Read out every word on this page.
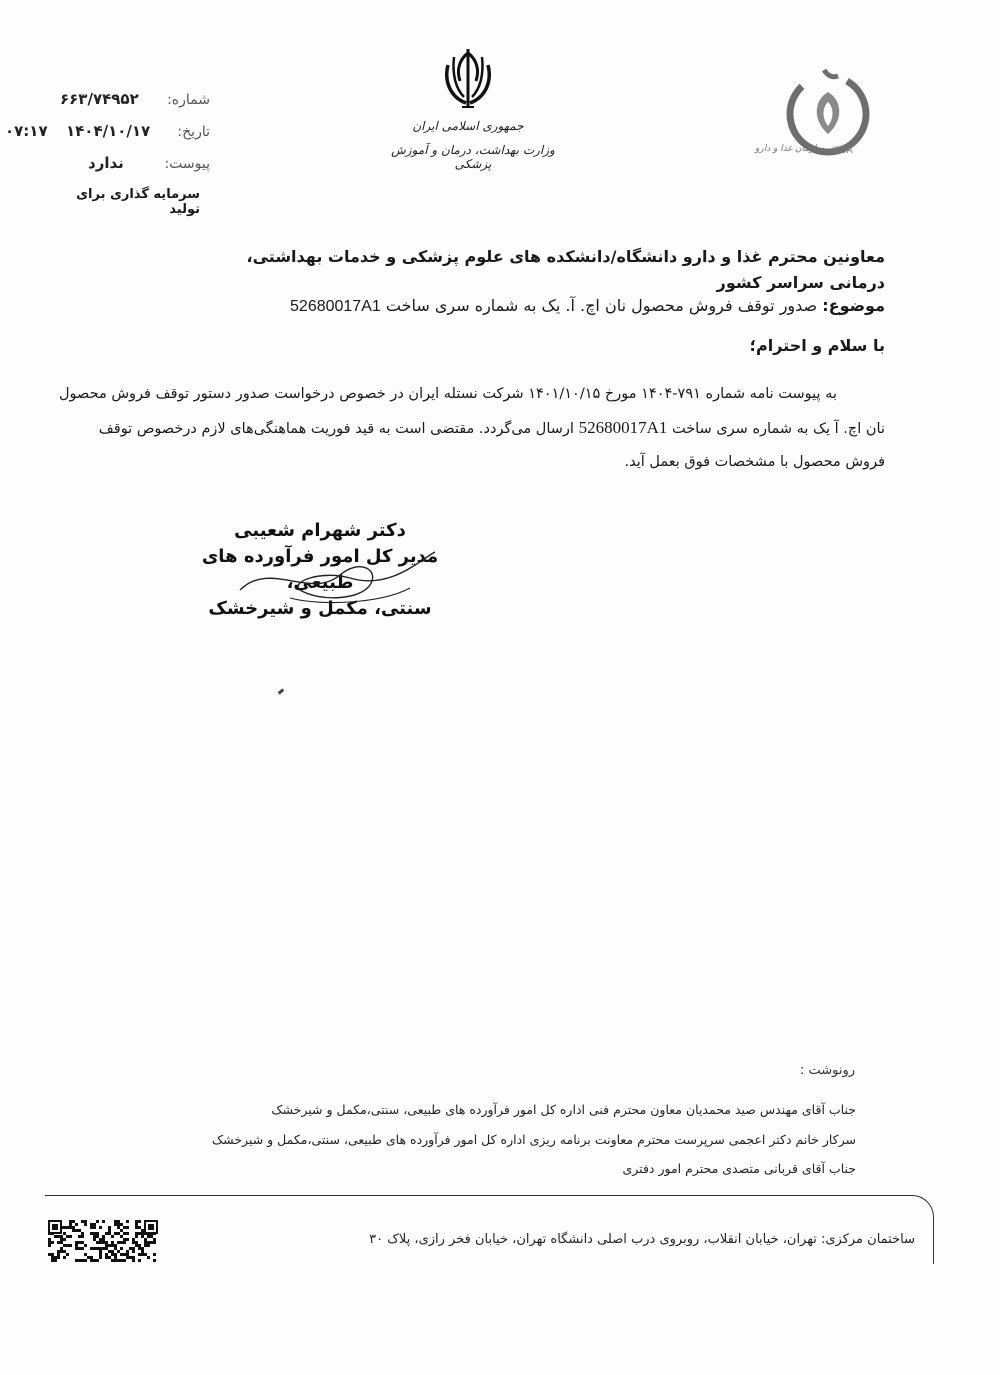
شماره:
۶۶۳/۷۴۹۵۲
تاریخ:
۱۴۰۴/۱۰/۱۷
۰۷:۱۷
پیوست:
ندارد
سرمایه گذاری برای تولید
جمهوری اسلامی ایران
وزارت بهداشت، درمان و آموزش پزشکی
IFDA
سازمان غذا و دارو
معاونین محترم غذا و دارو دانشگاه/دانشکده های علوم پزشکی و خدمات بهداشتی، درمانی سراسر کشور
موضوع: صدور توقف فروش محصول نان اچ. آ. یک به شماره سری ساخت 52680017A1
با سلام و احترام؛
به پیوست نامه شماره ۷۹۱-۱۴۰۴ مورخ ۱۴۰۱/۱۰/۱۵ شرکت نستله ایران در خصوص درخواست صدور دستور توقف فروش محصول
نان اچ. آ یک به شماره سری ساخت 52680017A1 ارسال می‌گردد. مقتضی است به قید فوریت هماهنگی‌های لازم درخصوص توقف
فروش محصول با مشخصات فوق بعمل آید.
دکتر شهرام شعیبی
مدیر کل امور فرآورده های طبیعی،
سنتی، مکمل و شیرخشک
رونوشت :
جناب آقای مهندس صید محمدیان معاون محترم فنی اداره کل امور فرآورده های طبیعی، سنتی،مکمل و شیرخشک
سرکار خانم دکتر اعجمی سرپرست محترم معاونت برنامه ریزی اداره کل امور فرآورده های طبیعی، سنتی،مکمل و شیرخشک
جناب آقای قربانی متصدی محترم امور دفتری
ساختمان مرکزی: تهران، خیابان انقلاب، روبروی درب اصلی دانشگاه تهران، خیابان فخر رازی، پلاک ۳۰
